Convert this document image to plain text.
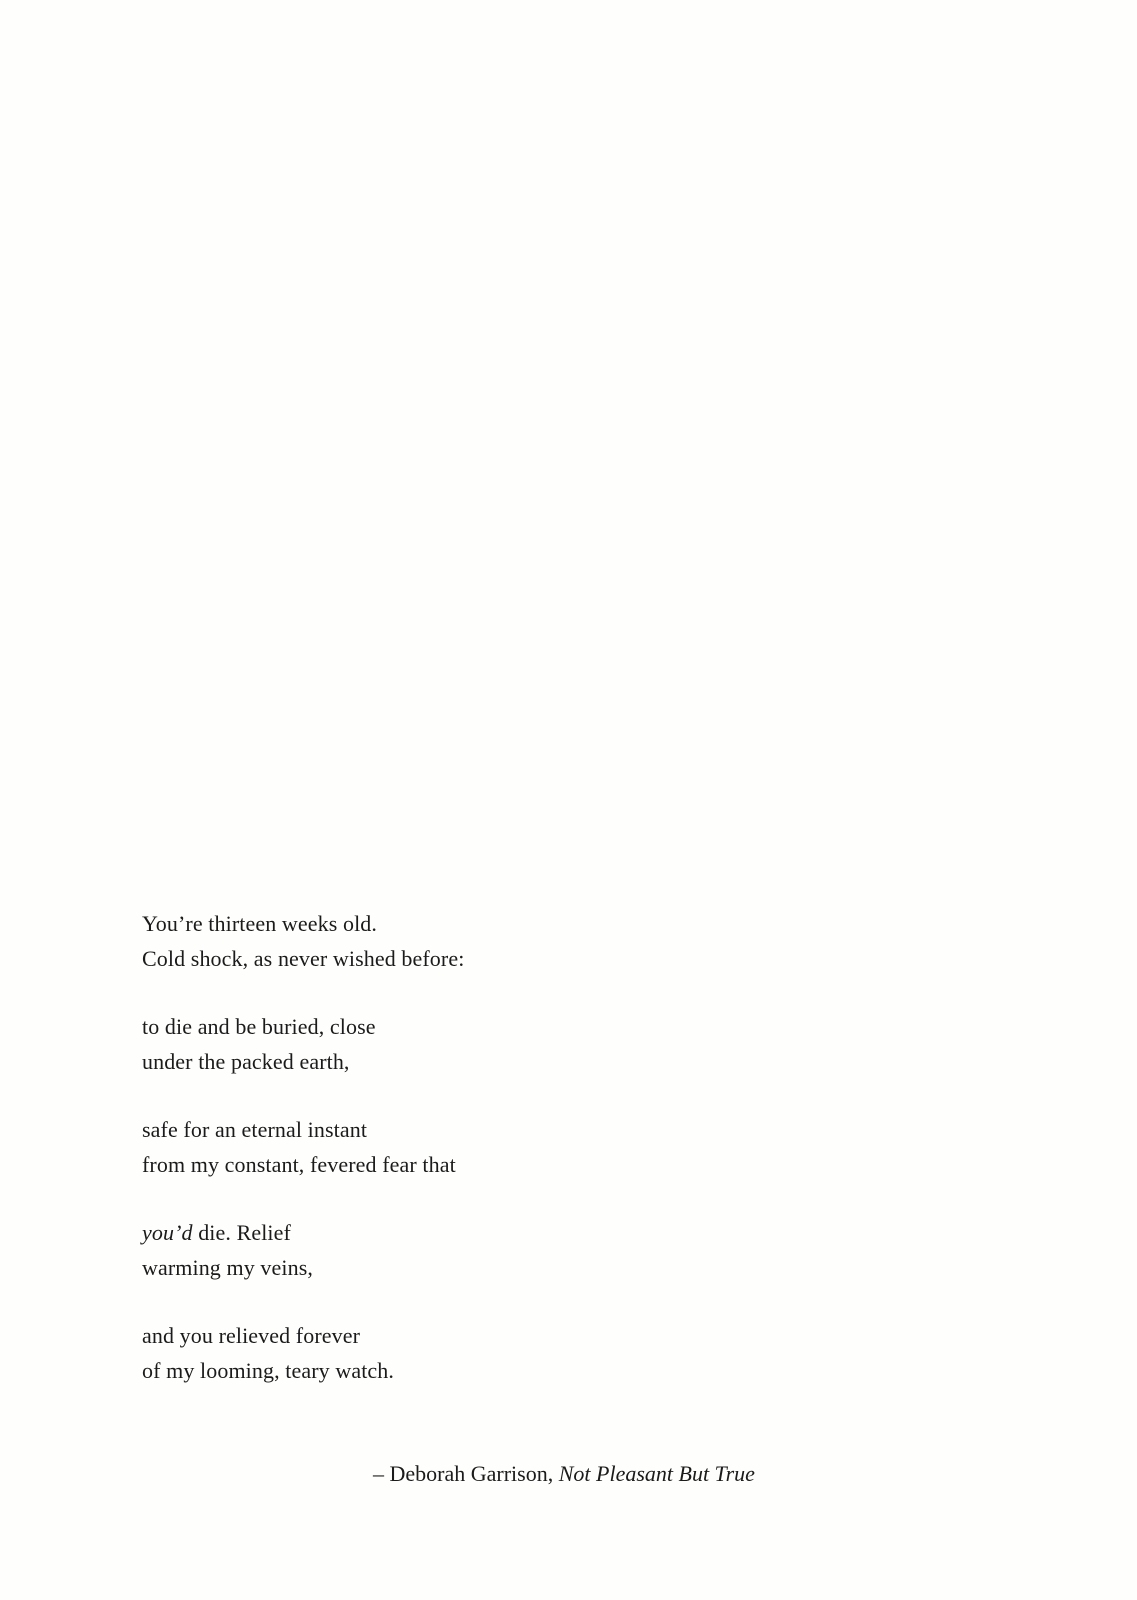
You’re thirteen weeks old.
Cold shock, as never wished before:
to die and be buried, close
under the packed earth,
safe for an eternal instant
from my constant, fevered fear that
you’d die. Relief
warming my veins,
and you relieved forever
of my looming, teary watch.
– Deborah Garrison, Not Pleasant But True
